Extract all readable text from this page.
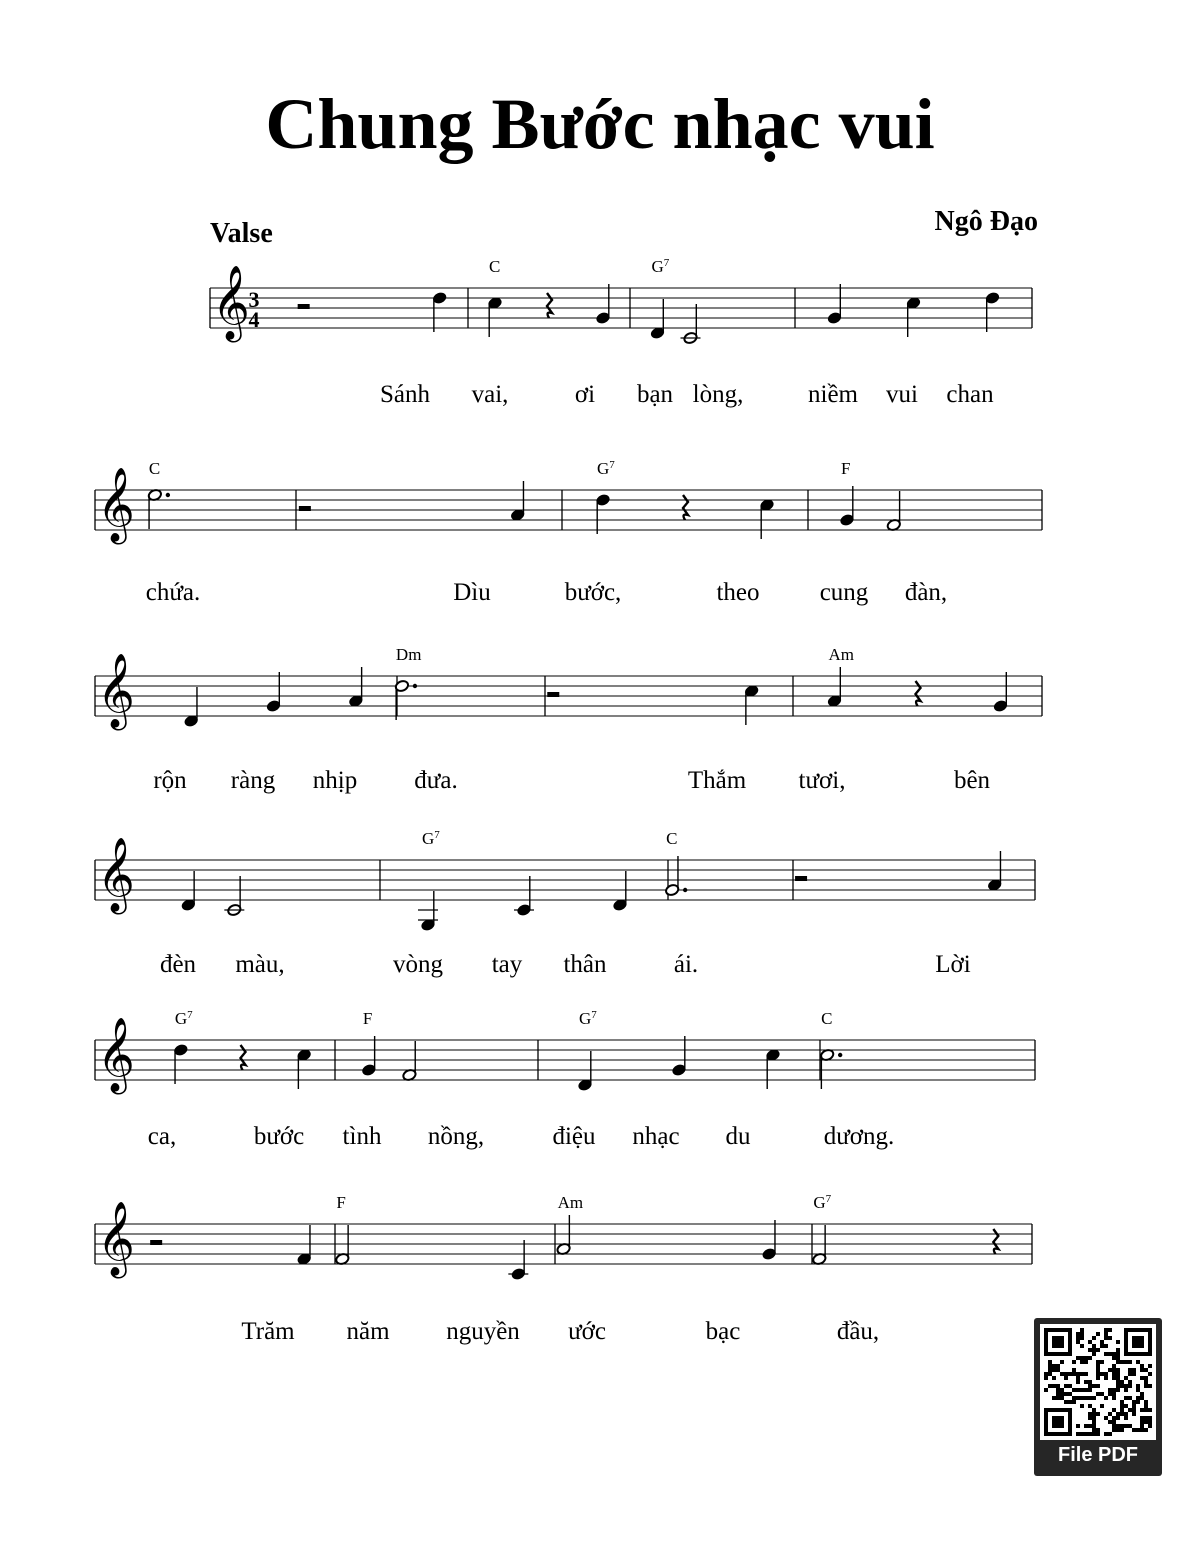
Chung Bước nhạc vui
Valse	Ngô Đạo
𝄞
3
4
C	$G^7$
Sánh vai,	ơi bạn lòng,	niềm vui chan
𝄞
C	$G^7$	F
chứa.	Dìu	bước,	theo cung đàn,
𝄞
Dm	Am
rộn ràng nhịp đưa.	Thắm tươi,	bên
𝄞
$G^7$	C
đèn màu,	vòng tay thân	ái.	Lời
𝄞
$G^7$	F	$G^7$	C
ca,	bước tình nồng,	điệu nhạc du	dương.
𝄞
F	Am	$G^7$
Trăm năm nguyền ước	bạc	đầu,
File PDF
